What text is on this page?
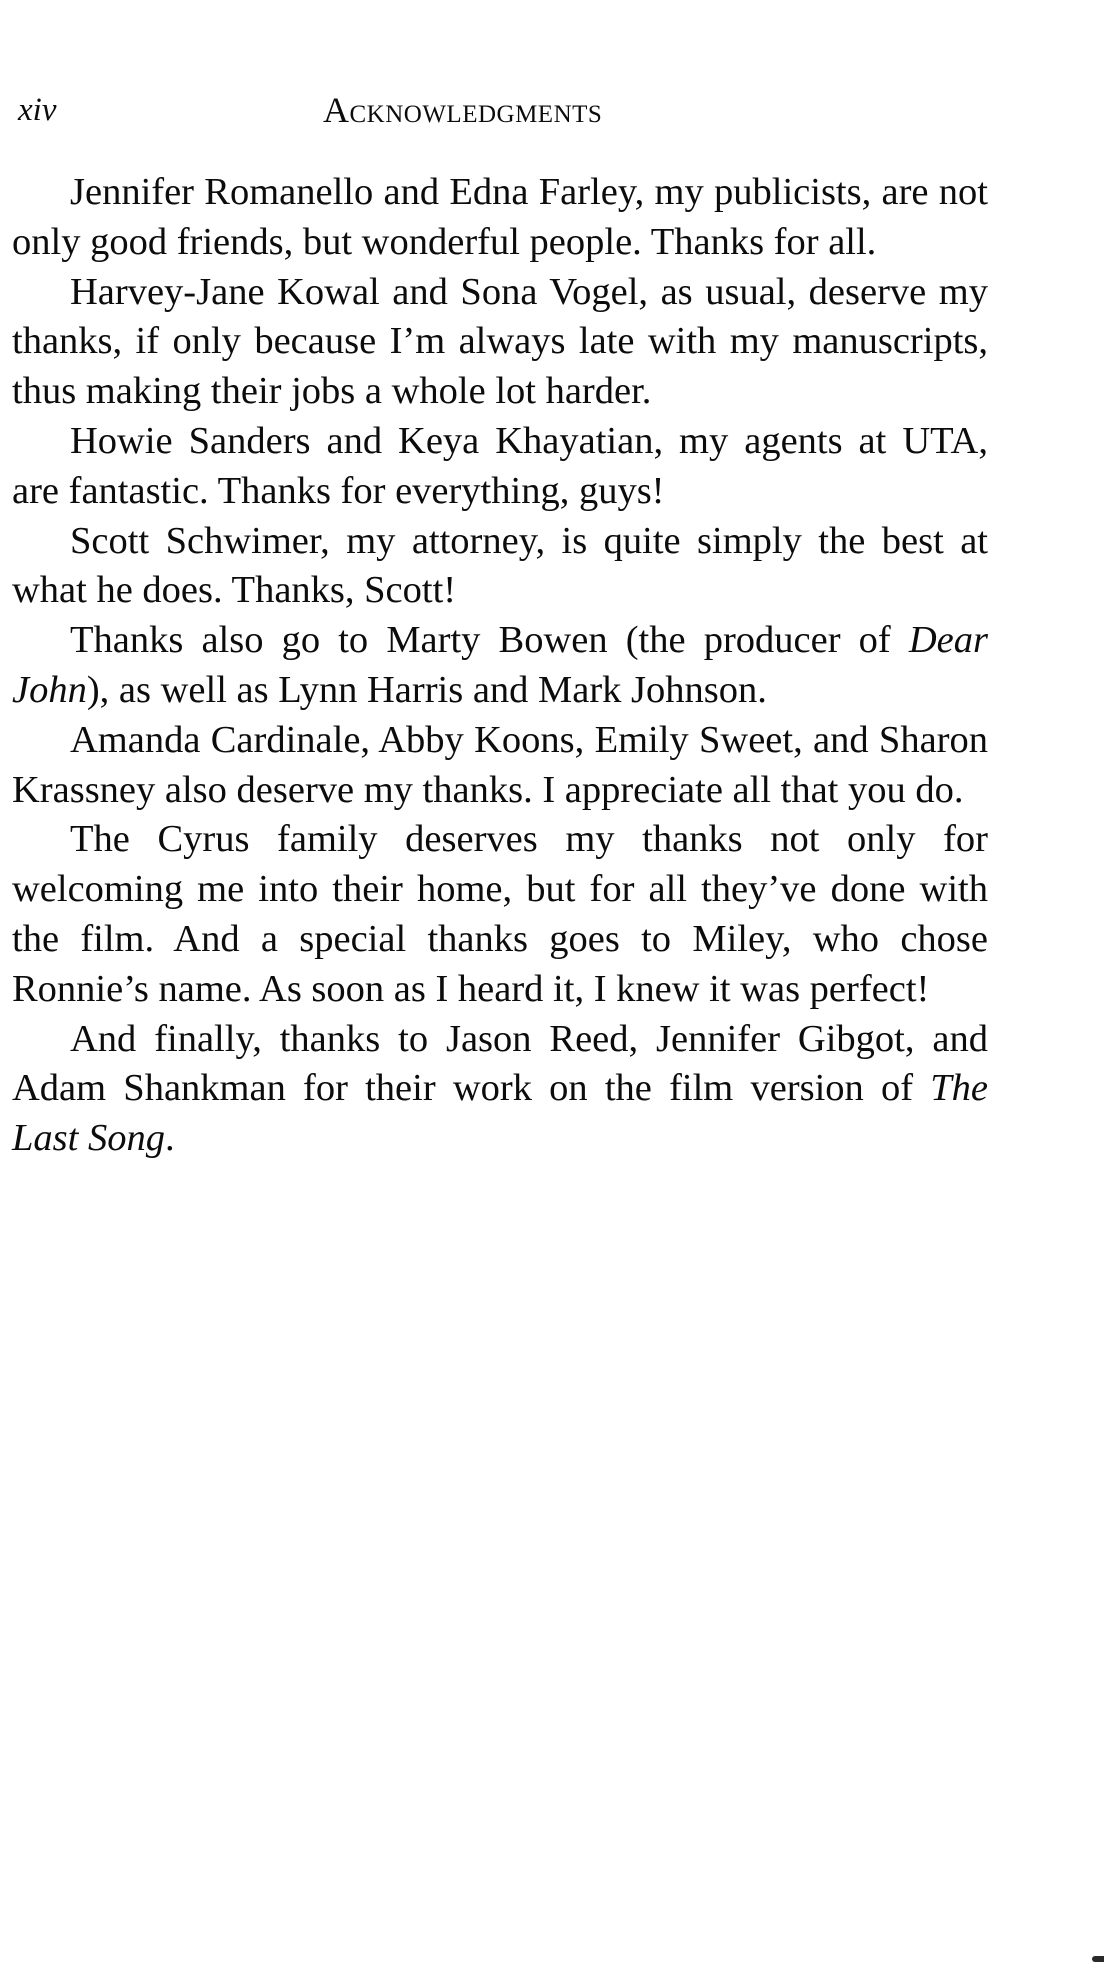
xiv	Acknowledgments

Jennifer Romanello and Edna Farley, my publicists, are not only good friends, but wonderful people. Thanks for all.

Harvey-Jane Kowal and Sona Vogel, as usual, deserve my thanks, if only because I’m always late with my manuscripts, thus making their jobs a whole lot harder.

Howie Sanders and Keya Khayatian, my agents at UTA, are fantastic. Thanks for everything, guys!

Scott Schwimer, my attorney, is quite simply the best at what he does. Thanks, Scott!

Thanks also go to Marty Bowen (the producer of Dear John), as well as Lynn Harris and Mark Johnson.

Amanda Cardinale, Abby Koons, Emily Sweet, and Sharon Krassney also deserve my thanks. I appreciate all that you do.

The Cyrus family deserves my thanks not only for welcoming me into their home, but for all they’ve done with the film. And a special thanks goes to Miley, who chose Ronnie’s name. As soon as I heard it, I knew it was perfect!

And finally, thanks to Jason Reed, Jennifer Gibgot, and Adam Shankman for their work on the film version of The Last Song.
